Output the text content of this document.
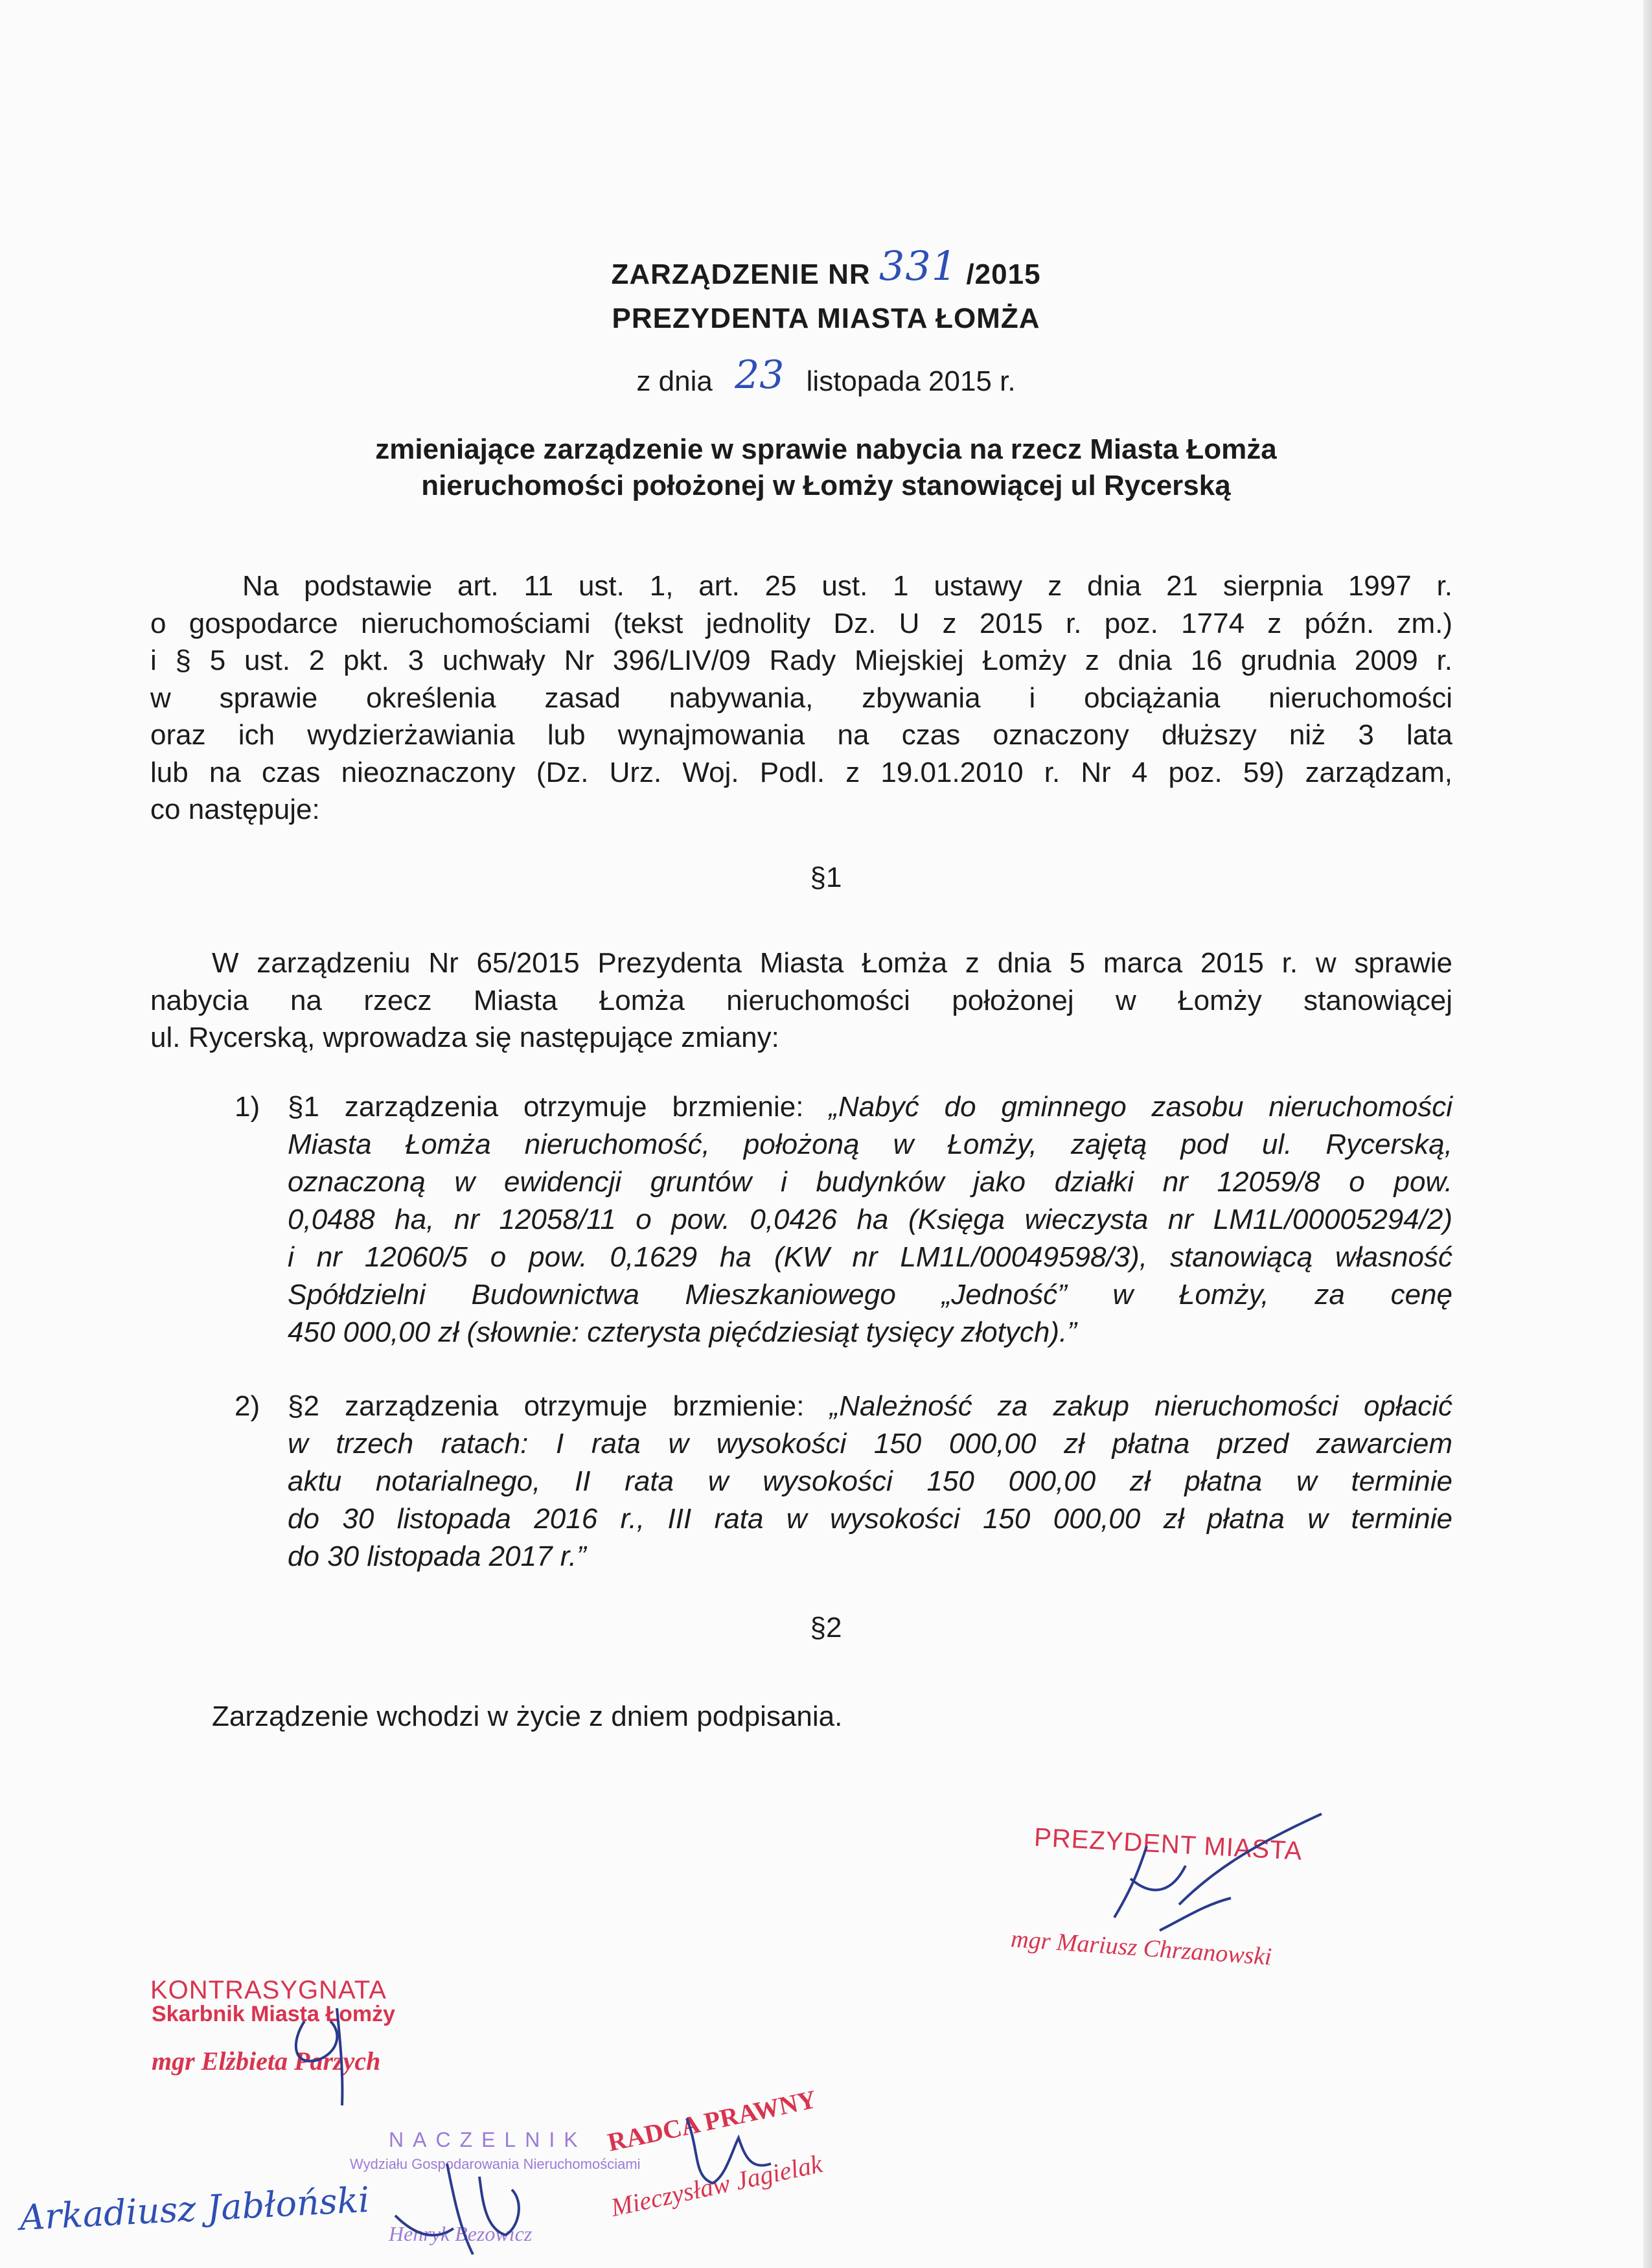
ZARZĄDZENIE NR 331 /2015
PREZYDENTA MIASTA ŁOMŻA
z dnia 23 listopada 2015 r.
zmieniające zarządzenie w sprawie nabycia na rzecz Miasta Łomża
nieruchomości położonej w Łomży stanowiącej ul Rycerską
Na podstawie art. 11 ust. 1, art. 25 ust. 1 ustawy z dnia 21 sierpnia 1997 r.
o gospodarce nieruchomościami (tekst jednolity Dz. U z 2015 r. poz. 1774 z późn. zm.)
i § 5 ust. 2 pkt. 3 uchwały Nr 396/LIV/09 Rady Miejskiej Łomży z dnia 16 grudnia 2009 r.
w sprawie określenia zasad nabywania, zbywania i obciążania nieruchomości
oraz ich wydzierżawiania lub wynajmowania na czas oznaczony dłuższy niż 3 lata
lub na czas nieoznaczony (Dz. Urz. Woj. Podl. z 19.01.2010 r. Nr 4 poz. 59) zarządzam,
co następuje:
§1
W zarządzeniu Nr 65/2015 Prezydenta Miasta Łomża z dnia 5 marca 2015 r. w sprawie
nabycia na rzecz Miasta Łomża nieruchomości położonej w Łomży stanowiącej
ul. Rycerską, wprowadza się następujące zmiany:
1) §1 zarządzenia otrzymuje brzmienie: „Nabyć do gminnego zasobu nieruchomości
Miasta Łomża nieruchomość, położoną w Łomży, zajętą pod ul. Rycerską,
oznaczoną w ewidencji gruntów i budynków jako działki nr 12059/8 o pow.
0,0488 ha, nr 12058/11 o pow. 0,0426 ha (Księga wieczysta nr LM1L/00005294/2)
i nr 12060/5 o pow. 0,1629 ha (KW nr LM1L/00049598/3), stanowiącą własność
Spółdzielni Budownictwa Mieszkaniowego „Jedność” w Łomży, za cenę
450 000,00 zł (słownie: czterysta pięćdziesiąt tysięcy złotych).”
2) §2 zarządzenia otrzymuje brzmienie: „Należność za zakup nieruchomości opłacić
w trzech ratach: I rata w wysokości 150 000,00 zł płatna przed zawarciem
aktu notarialnego, II rata w wysokości 150 000,00 zł płatna w terminie
do 30 listopada 2016 r., III rata w wysokości 150 000,00 zł płatna w terminie
do 30 listopada 2017 r.”
§2
Zarządzenie wchodzi w życie z dniem podpisania.
PREZYDENT MIASTA
mgr Mariusz Chrzanowski
KONTRASYGNATA
Skarbnik Miasta Łomży
mgr Elżbieta Parzych
NACZELNIK
Wydziału Gospodarowania Nieruchomościami
Henryk Bezowicz
RADCA PRAWNY
Mieczysław Jagielak
Arkadiusz Jabłoński
